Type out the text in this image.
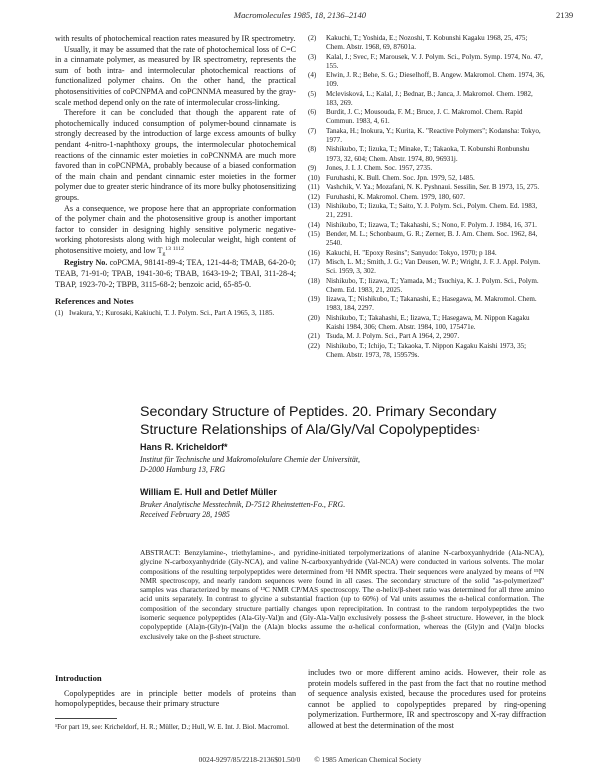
Macromolecules 1985, 18, 2136–2140	2139

with results of photochemical reaction rates measured by IR spectrometry.

Usually, it may be assumed that the rate of photochemical loss of C=C in a cinnamate polymer, as measured by IR spectrometry, represents the sum of both intra- and intermolecular photochemical reactions of functionalized polymer chains. On the other hand, the practical photosensitivities of coPCNPMA and coPCNNMA measured by the gray-scale method depend only on the rate of intermolecular cross-linking.

Therefore it can be concluded that though the apparent rate of photochemically induced consumption of polymer-bound cinnamate is strongly decreased by the introduction of large excess amounts of bulky pendant 4-nitro-1-naphthoxy groups, the intermolecular photochemical reactions of the cinnamic ester moieties in coPCNNMA are much more favored than in coPCNPMA, probably because of a biased conformation of the main chain and pendant cinnamic ester moieties in the former polymer due to greater steric hindrance of its more bulky photosensitizing groups.

As a consequence, we propose here that an appropriate conformation of the polymer chain and the photosensitive group is another important factor to consider in designing highly sensitive polymeric negative-working photoresists along with high molecular weight, high content of photosensitive moiety, and low $T_g^{13}$ $^{1112}$

Registry No. coPCMA, 98141-89-4; TEA, 121-44-8; TMAB, 64-20-0; TEAB, 71-91-0; TPAB, 1941-30-6; TBAB, 1643-19-2; TBAI, 311-28-4; TBAP, 1923-70-2; TBPB, 3115-68-2; benzoic acid, 65-85-0.

References and Notes
(1) Iwakura, Y.; Kurosaki, Kakiuchi, T. J. Polym. Sci., Part A 1965, 3, 1185.
(2)	Kakuchi, T.; Yoshida, E.; Nozoshi, T. Kobunshi Kagaku 1968, 25, 475; Chem. Abstr. 1968, 69, 87601a.
(3)	Kalal, J.; Svec, F.; Marousek, V. J. Polym. Sci., Polym. Symp. 1974, No. 47, 155.
(4)	Elwin, J. R.; Behe, S. G.; Dieselhoff, B. Angew. Makromol. Chem. 1974, 36, 109.
(5)	Mclevisková, L.; Kalal, J.; Bednar, B.; Janca, J. Makromol. Chem. 1982, 183, 269.
(6)	Burdit, J. C.; Mousouda, F. M.; Bruce, J. C. Makromol. Chem. Rapid Commun. 1983, 4, 61.
(7)	Tanaka, H.; Inokura, Y.; Kurita, K. "Reactive Polymers"; Kodansha: Tokyo, 1977.
(8)	Nishikubo, T.; Iizuka, T.; Minake, T.; Takaoka, T. Kobunshi Ronbunshu 1973, 32, 604; Chem. Abstr. 1974, 80, 96931j.
(9)	Jones, J. I. J. Chem. Soc. 1957, 2735.
(10) Furuhashi, K. Bull. Chem. Soc. Jpn. 1979, 52, 1485.
(11) Vashchik, V. Ya.; Mozafani, N. K. Pyshnaui. Sessilin, Ser. B 1973, 15, 275.
(12) Furuhashi, K. Makromol. Chem. 1979, 180, 607.
(13) Nishikubo, T.; Iizuka, T.; Saito, Y. J. Polym. Sci., Polym. Chem. Ed. 1983, 21, 2291.
(14) Nishikubo, T.; Iizawa, T.; Takahashi, S.; Nono, F. Polym. J. 1984, 16, 371.
(15) Bender, M. L.; Schonbaum, G. R.; Zerner, B. J. Am. Chem. Soc. 1962, 84, 2540.
(16) Kakuchi, H. "Epoxy Resins"; Sanyudo: Tokyo, 1970; p 184.
(17) Misch, L. M.; Smith, J. G.; Van Deusen, W. P.; Wright, J. F. J. Appl. Polym. Sci. 1959, 3, 302.
(18) Nishikubo, T.; Iizawa, T.; Yamada, M.; Tsuchiya, K. J. Polym. Sci., Polym. Chem. Ed. 1983, 21, 2025.
(19) Iizawa, T.; Nishikubo, T.; Takanashi, E.; Hasegawa, M. Makromol. Chem. 1983, 184, 2297.
(20) Nishikubo, T.; Takahashi, E.; Iizawa, T.; Hasegawa, M. Nippon Kagaku Kaishi 1984, 306; Chem. Abstr. 1984, 100, 175471e.
(21) Tsuda, M. J. Polym. Sci., Part A 1964, 2, 2907.
(22) Nishikubo, T.; Ichijo, T.; Takaoka, T. Nippon Kagaku Kaishi 1973, 35; Chem. Abstr. 1973, 78, 159579s.
Secondary Structure of Peptides. 20. Primary Secondary Structure Relationships of Ala/Gly/Val Copolypeptides$^1$
Hans R. Kricheldorf*
Institut für Technische und Makromolekulare Chemie der Universität,
D-2000 Hamburg 13, FRG
William E. Hull and Detlef Müller
Bruker Analytische Messtechnik, D-7512 Rheinstetten-Fo., FRG.
Received February 28, 1985
ABSTRACT: Benzylamine-, triethylamine-, and pyridine-initiated terpolymerizations of alanine N-carboxyanhydride (Ala-NCA), glycine N-carboxyanhydride (Gly-NCA), and valine N-carboxyanhydride (Val-NCA) were conducted in various solvents. The molar compositions of the resulting terpolypeptides were determined from ¹H NMR spectra. Their sequences were analyzed by means of ¹⁵N NMR spectroscopy, and nearly random sequences were found in all cases. The secondary structure of the solid "as-polymerized" samples was characterized by means of ¹³C NMR CP/MAS spectroscopy. The α-helix/β-sheet ratio was determined for all three amino acid units separately. In contrast to glycine a substantial fraction (up to 60%) of Val units assumes the α-helical conformation. The composition of the secondary structure partially changes upon reprecipitation. In contrast to the random terpolypeptides the two isomeric sequence polypeptides (Ala-Gly-Val)n and (Gly-Ala-Val)n exclusively possess the β-sheet structure. However, in the block copolypeptide (Ala)n-(Gly)n-(Val)n the (Ala)n blocks assume the α-helical conformation, whereas the (Gly)n and (Val)n blocks exclusively take on the β-sheet structure.
Introduction

Copolypeptides are in principle better models of proteins than homopolypeptides, because their primary structure

¹For part 19, see: Kricheldorf, H. R.; Müller, D.; Hull, W. E. Int. J. Biol. Macromol.
includes two or more different amino acids. However, their role as protein models suffered in the past from the fact that no routine method of sequence analysis existed, because the procedures used for proteins cannot be applied to copolypeptides prepared by ring-opening polymerization. Furthermore, IR and spectroscopy and X-ray diffraction allowed at best the determination of the most
0024-9297/85/2218-2136$01.50/0 © 1985 American Chemical Society
